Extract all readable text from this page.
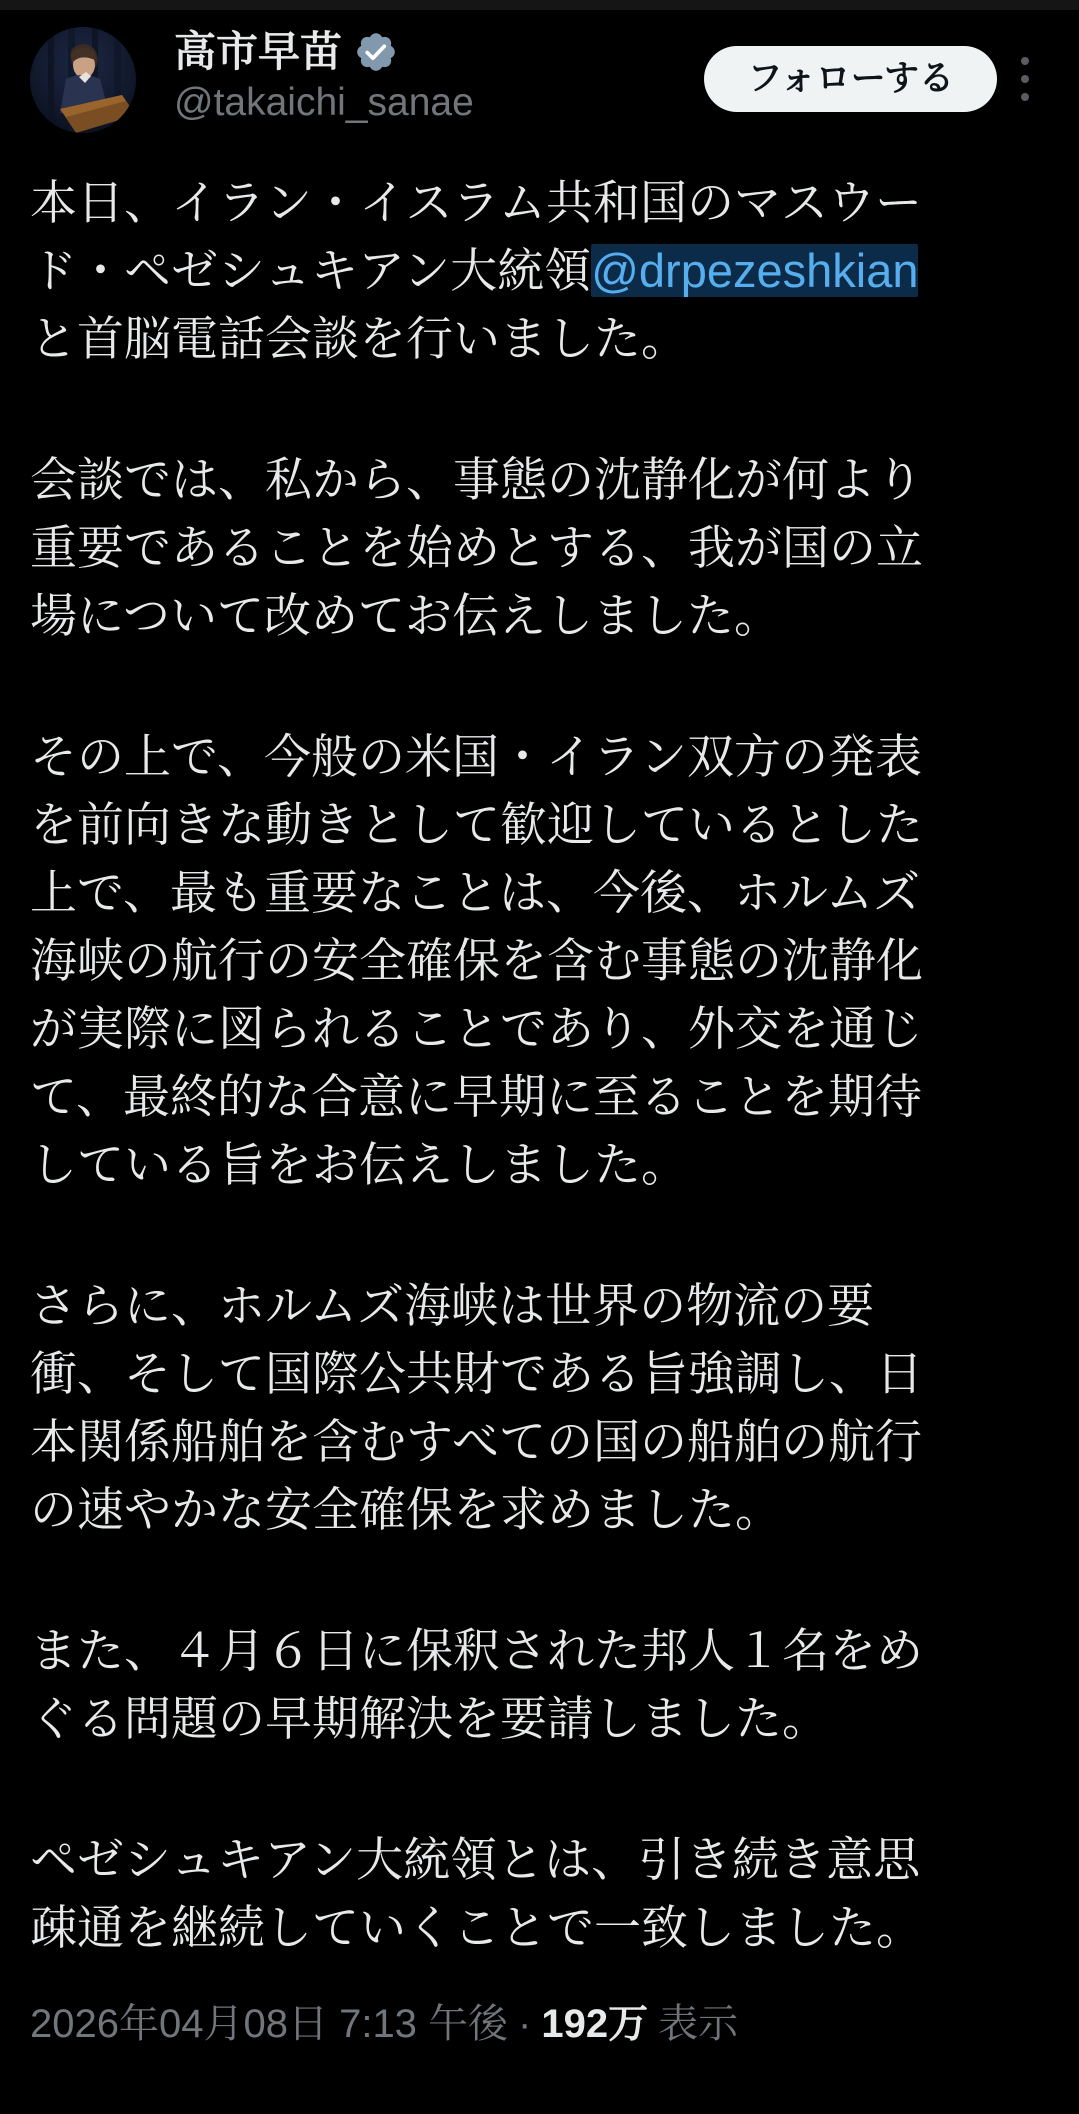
高市早苗
@takaichi_sanae
フォローする

本日、イラン・イスラム共和国のマスウード・ペゼシュキアン大統領@drpezeshkianと首脳電話会談を行いました。

会談では、私から、事態の沈静化が何より重要であることを始めとする、我が国の立場について改めてお伝えしました。

その上で、今般の米国・イラン双方の発表を前向きな動きとして歓迎しているとした上で、最も重要なことは、今後、ホルムズ海峡の航行の安全確保を含む事態の沈静化が実際に図られることであり、外交を通じて、最終的な合意に早期に至ることを期待している旨をお伝えしました。

さらに、ホルムズ海峡は世界の物流の要衝、そして国際公共財である旨強調し、日本関係船舶を含むすべての国の船舶の航行の速やかな安全確保を求めました。

また、４月６日に保釈された邦人１名をめぐる問題の早期解決を要請しました。

ペゼシュキアン大統領とは、引き続き意思疎通を継続していくことで一致しました。

2026年04月08日 7:13 午後 · 192万 表示
